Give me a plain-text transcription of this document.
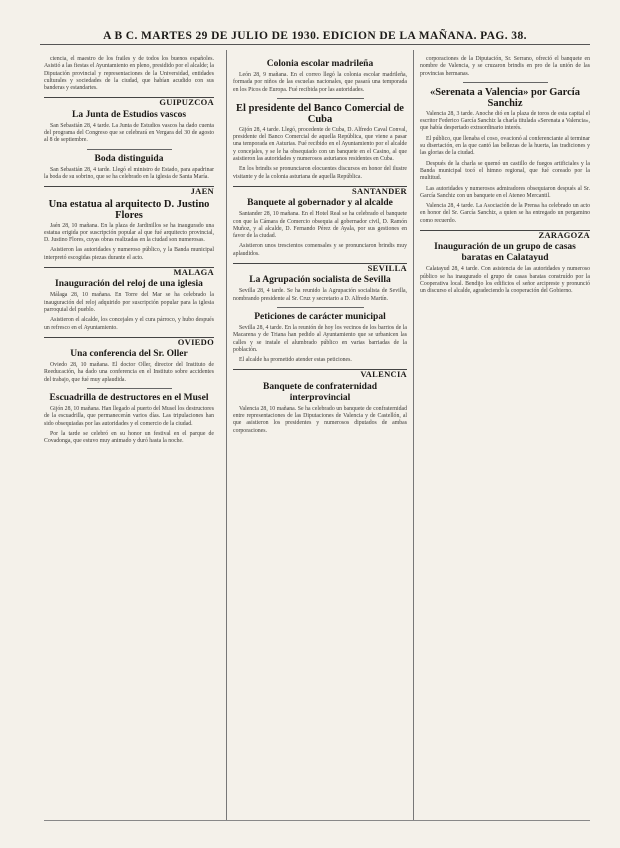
A B C. MARTES 29 DE JULIO DE 1930. EDICION DE LA MAÑANA. PAG. 38.

ciencia, el maestro de los frailes y de todos los buenos españoles. Asistió a las fiestas el Ayuntamiento en pleno, presidido por el alcalde; la Diputación provincial y representaciones de la Universidad, entidades culturales y sociedades de la ciudad, que habían acudido con sus banderas y estandartes.

GUIPUZCOA
La Junta de Estudios vascos

San Sebastián 28, 4 tarde. La Junta de Estudios vascos ha dado cuenta del programa del Congreso que se celebrará en Vergara del 30 de agosto al 8 de septiembre.

Boda distinguida

San Sebastián 28, 4 tarde. Llegó el ministro de Estado, para apadrinar la boda de su sobrino, que se ha celebrado en la iglesia de Santa María.

JAEN
Una estatua al arquitecto D. Justino Flores

Jaén 28, 10 mañana. En la plaza de Jardinillos se ha inaugurado una estatua erigida por suscripción popular al que fué arquitecto provincial, D. Justino Flores, cuyas obras realizadas en la ciudad son numerosas.

Asistieron las autoridades y numeroso público, y la Banda municipal interpretó escogidas piezas durante el acto.

MALAGA
Inauguración del reloj de una iglesia

Málaga 28, 10 mañana. En Torre del Mar se ha celebrado la inauguración del reloj adquirido por suscripción popular para la iglesia parroquial del pueblo.

Asistieron el alcalde, los concejales y el cura párroco, y hubo después un refresco en el Ayuntamiento.

OVIEDO
Una conferencia del Sr. Oller

Oviedo 28, 10 mañana. El doctor Oller, director del Instituto de Reeducación, ha dado una conferencia en el Instituto sobre accidentes del trabajo, que fué muy aplaudida.

Escuadrilla de destructores en el Musel

Gijón 28, 10 mañana. Han llegado al puerto del Musel los destructores de la escuadrilla, que permanecerán varios días. Las tripulaciones han sido obsequiadas por las autoridades y el comercio de la ciudad.

Por la tarde se celebró en su honor un festival en el parque de Covadonga, que estuvo muy animado y duró hasta la noche.

Colonia escolar madrileña

León 28, 9 mañana. En el correo llegó la colonia escolar madrileña, formada por niños de las escuelas nacionales, que pasará una temporada en los Picos de Europa. Fué recibida por las autoridades.

El presidente del Banco Comercial de Cuba

Gijón 28, 4 tarde. Llegó, procedente de Cuba, D. Alfredo Caval Conval, presidente del Banco Comercial de aquella República, que viene a pasar una temporada en Asturias. Fué recibido en el Ayuntamiento por el alcalde y concejales, y se le ha obsequiado con un banquete en el Casino, al que asistieron las autoridades y numerosos asturianos residentes en Cuba.

En los brindis se pronunciaron elocuentes discursos en honor del ilustre visitante y de la colonia asturiana de aquella República.

SANTANDER
Banquete al gobernador y al alcalde

Santander 28, 10 mañana. En el Hotel Real se ha celebrado el banquete con que la Cámara de Comercio obsequia al gobernador civil, D. Ramón Muñoz, y al alcalde, D. Fernando Pérez de Ayala, por sus gestiones en favor de la ciudad.

Asistieron unos trescientos comensales y se pronunciaron brindis muy aplaudidos.

SEVILLA
La Agrupación socialista de Sevilla

Sevilla 28, 4 tarde. Se ha reunido la Agrupación socialista de Sevilla, nombrando presidente al Sr. Cruz y secretario a D. Alfredo Martín.

Peticiones de carácter municipal

Sevilla 28, 4 tarde. En la reunión de hoy los vecinos de los barrios de la Macarena y de Triana han pedido al Ayuntamiento que se urbanicen las calles y se instale el alumbrado público en varias barriadas de la población.

El alcalde ha prometido atender estas peticiones.

VALENCIA
Banquete de confraternidad interprovincial

Valencia 28, 10 mañana. Se ha celebrado un banquete de confraternidad entre representaciones de las Diputaciones de Valencia y de Castellón, al que asistieron los presidentes y numerosos diputados de ambas corporaciones.

corporaciones de la Diputación, Sr. Serrano, ofreció el banquete en nombre de Valencia, y se cruzaron brindis en pro de la unión de las provincias hermanas.

«Serenata a Valencia» por García Sanchiz

Valencia 28, 3 tarde. Anoche dió en la plaza de toros de esta capital el escritor Federico García Sanchiz la charla titulada «Serenata a Valencia», que había despertado extraordinario interés.

El público, que llenaba el coso, ovacionó al conferenciante al terminar su disertación, en la que cantó las bellezas de la huerta, las tradiciones y las glorias de la ciudad.

Después de la charla se quemó un castillo de fuegos artificiales y la Banda municipal tocó el himno regional, que fué coreado por la multitud.

Las autoridades y numerosos admiradores obsequiaron después al Sr. García Sanchiz con un banquete en el Ateneo Mercantil.

Valencia 28, 4 tarde. La Asociación de la Prensa ha celebrado un acto en honor del Sr. García Sanchiz, a quien se ha entregado un pergamino como recuerdo.

ZARAGOZA
Inauguración de un grupo de casas baratas en Calatayud

Calatayud 28, 4 tarde. Con asistencia de las autoridades y numeroso público se ha inaugurado el grupo de casas baratas construído por la Cooperativa local. Bendijo los edificios el señor arcipreste y pronunció un discurso el alcalde, agradeciendo la cooperación del Gobierno.
